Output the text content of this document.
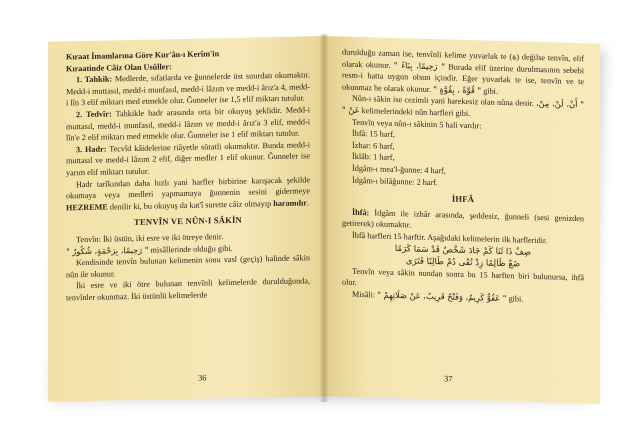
Kıraat İmamlarına Göre Kur'ân-ı Kerîm'in
Kıraatinde Câiz Olan Usûller:

1. Tahkik: Medlerde, sıfatlarda ve ğunnelerde üst sınırdan okumaktır. Medd-i muttasıl, medd-i munfasıl, medd-i lâzım ve medd-i ârız'a 4, medd-i lîn 3 elif miktarı med etmekle olur. Ğunneler ise 1,5 elif miktarı tutulur.

2. Tedvîr: Tahkikle hadr arasında orta bir okuyuş şeklidir. Medd-i muttasıl, medd-i munfasıl, medd-i lâzım ve medd-i ârız'a 3 elif, medd-i lîn'e 2 elif miktarı med etmekle olur. Ğunneler ise 1 elif miktarı tutulur.

3. Hadr: Tecvîd kâidelerine riâyetle süratli okumaktır. Bunda medd-i muttasıl ve medd-i lâzım 2 elif, diğer medler 1 elif okunur. Ğunneler ise yarım elif miktarı tutulur.

Hadr tarîkından daha hızlı yani harfler birbirine karışacak şekilde okumaya veya medleri yapmamaya ğunnenin sesini gidermeye HEZREME denilir ki, bu okuyuş da kat'î surette câiz olmayıp haramdır.

TENVÎN VE NÛN-I SÂKİN

Tenvîn: İki üstün, iki esre ve iki ötreye denir.
" رَحِيمًا، بِرَحْمَةٍ، شُكُورٌ " misâllerinde olduğu gibi.

Kendisinde tenvîn bulunan kelimenin sonu vasl (geçiş) halinde sâkin nûn ile okunur.

İki esre ve iki ötre bulunan tenvînli kelimelerde durulduğunda, tenvînler okunmaz. İki üstünlü kelimelerde

36

durulduğu zaman ise, tenvînli kelime yuvarlak te (ة) değilse tenvîn, elif olarak okunur. " رَحِيمًا، بِنَاءً " Burada elif üzerine durulmasının sebebi resm-i hatta uygun olsun içindir. Eğer yuvarlak te ise, tenvîn ve te okunmaz he olarak okunur. " قُوَّةً ، بِقُوَّةٍ " gibi.

Nûn-ı sâkin ise cezimli yani harekesiz olan nûna denir. " أَنْ، لَنْ، مِنْ، عَنْ " kelimelerindeki nûn harfleri gibi.

Tenvîn veya nûn-ı sâkinin 5 hali vardır:

İhfâ: 15 harf,

İzhar: 6 harf,

İklâb: 1 harf,

İdgâm-ı mea'l-ğunne: 4 harf,

İdgâm-ı bilâğunne: 2 harf.

İHFÂ

İhfâ: İdgâm ile izhâr arasında, şeddesiz, ğunneli (sesi genizden getirerek) okumaktır.

İhfâ harfleri 15 harftir. Aşağıdaki kelimelerin ilk harfleridir.

صِفْ ذَا ثَنَا كَمْ جَادَ شَخْصٌ قَدْ سَمَا كَرَمًا
ضَعْ ظَالِمًا زِدْ تُقًى دُمْ طَالِبًا فَتَرَى

Tenvîn veya sâkin nundan sonra bu 15 harften biri bulunursa, ihfâ olur.

Misâli: " عَفُوٌّ كَرِيمٌ، وَفَتْحٌ قَرِيبٌ، عَنْ صَلَاتِهِمْ " gibi.

37
